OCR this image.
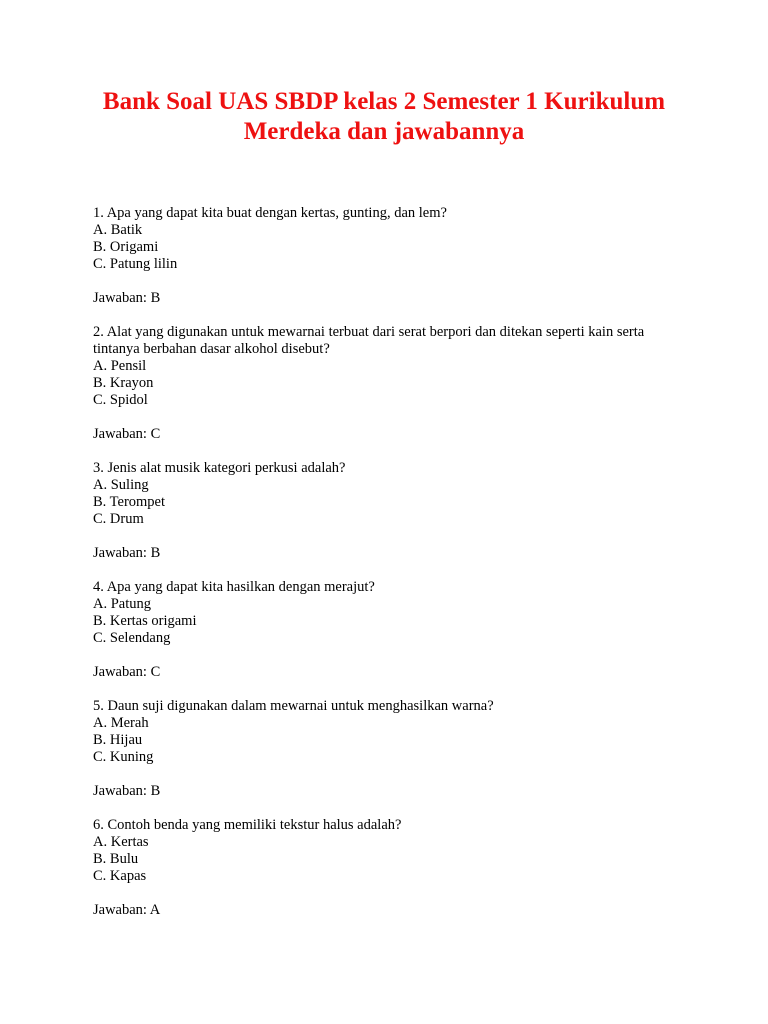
Bank Soal UAS SBDP kelas 2 Semester 1 Kurikulum
Merdeka dan jawabannya
1. Apa yang dapat kita buat dengan kertas, gunting, dan lem?
A. Batik
B. Origami
C. Patung lilin
Jawaban: B
2. Alat yang digunakan untuk mewarnai terbuat dari serat berpori dan ditekan seperti kain serta tintanya berbahan dasar alkohol disebut?
A. Pensil
B. Krayon
C. Spidol
Jawaban: C
3. Jenis alat musik kategori perkusi adalah?
A. Suling
B. Terompet
C. Drum
Jawaban: B
4. Apa yang dapat kita hasilkan dengan merajut?
A. Patung
B. Kertas origami
C. Selendang
Jawaban: C
5. Daun suji digunakan dalam mewarnai untuk menghasilkan warna?
A. Merah
B. Hijau
C. Kuning
Jawaban: B
6. Contoh benda yang memiliki tekstur halus adalah?
A. Kertas
B. Bulu
C. Kapas
Jawaban: A
